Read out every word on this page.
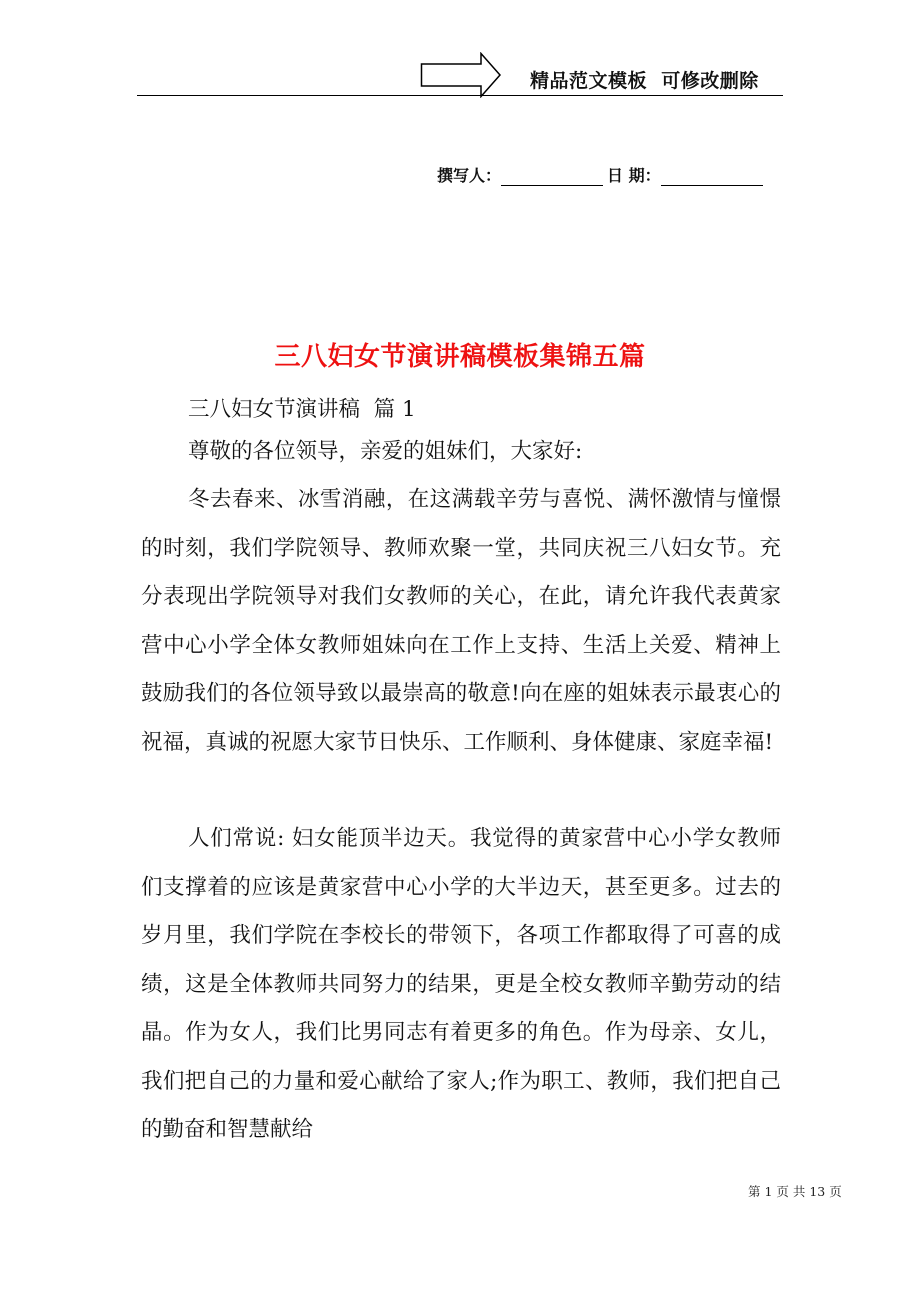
精品范文模板  可修改删除
撰写人：	日 期：
三八妇女节演讲稿模板集锦五篇
三八妇女节演讲稿  篇 1
尊敬的各位领导，亲爱的姐妹们，大家好:
冬去春来、冰雪消融，在这满载辛劳与喜悦、满怀激情与憧憬的时刻，我们学院领导、教师欢聚一堂，共同庆祝三八妇女节。充分表现出学院领导对我们女教师的关心，在此，请允许我代表黄家营中心小学全体女教师姐妹向在工作上支持、生活上关爱、精神上鼓励我们的各位领导致以最崇高的敬意!向在座的姐妹表示最衷心的祝福，真诚的祝愿大家节日快乐、工作顺利、身体健康、家庭幸福!
人们常说: 妇女能顶半边天。我觉得的黄家营中心小学女教师们支撑着的应该是黄家营中心小学的大半边天，甚至更多。过去的岁月里，我们学院在李校长的带领下，各项工作都取得了可喜的成绩，这是全体教师共同努力的结果，更是全校女教师辛勤劳动的结晶。作为女人，我们比男同志有着更多的角色。作为母亲、女儿，我们把自己的力量和爱心献给了家人;作为职工、教师，我们把自己的勤奋和智慧献给
第 1 页 共 13 页
